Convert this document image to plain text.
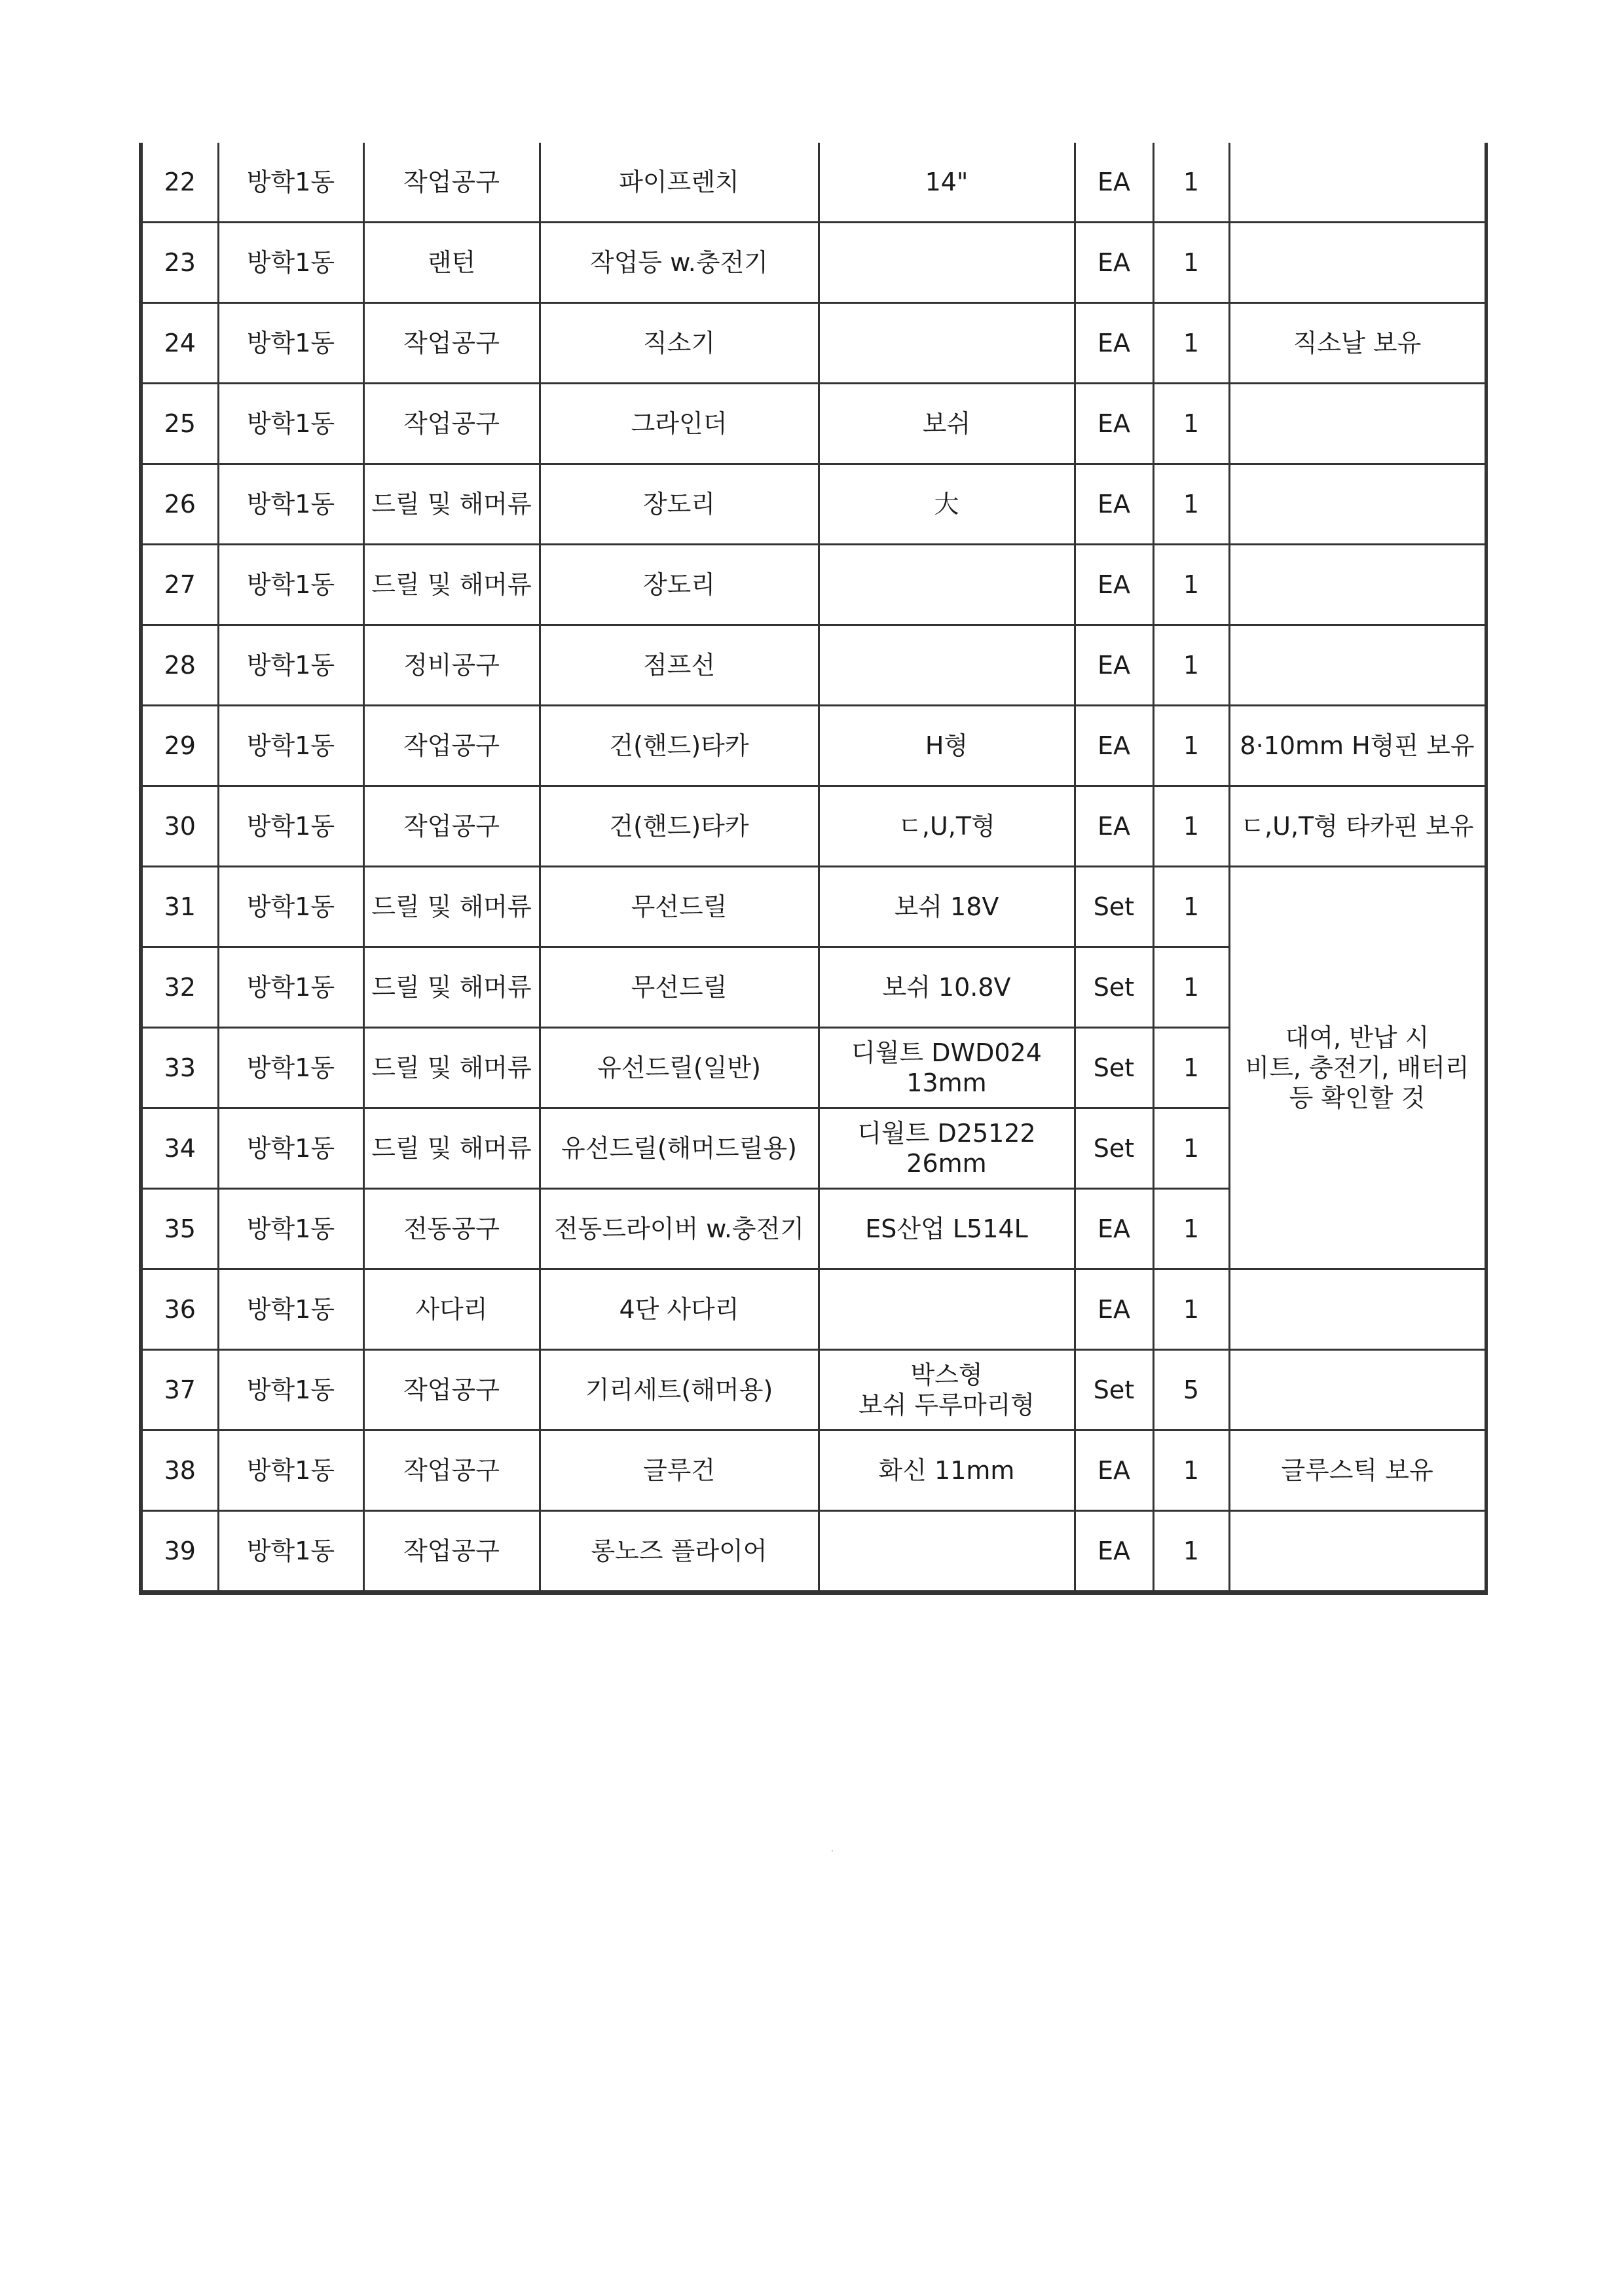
22	방학1동	작업공구	파이프렌치	14"	EA	1	
23	방학1동	랜턴	작업등 w.충전기		EA	1	
24	방학1동	작업공구	직소기		EA	1	직소날 보유
25	방학1동	작업공구	그라인더	보쉬	EA	1	
26	방학1동	드릴 및 해머류	장도리	大	EA	1	
27	방학1동	드릴 및 해머류	장도리		EA	1	
28	방학1동	정비공구	점프선		EA	1	
29	방학1동	작업공구	건(핸드)타카	H형	EA	1	8·10mm H형핀 보유
30	방학1동	작업공구	건(핸드)타카	ㄷ,U,T형	EA	1	ㄷ,U,T형 타카핀 보유
31	방학1동	드릴 및 해머류	무선드릴	보쉬 18V	Set	1	대여, 반납 시
비트, 충전기, 배터리
등 확인할 것

32	방학1동	드릴 및 해머류	무선드릴	보쉬 10.8V	Set	1	
33	방학1동	드릴 및 해머류	유선드릴(일반)	디월트 DWD024
13mm	Set	1	
34	방학1동	드릴 및 해머류	유선드릴(해머드릴용)	디월트 D25122
26mm	Set	1	
35	방학1동	전동공구	전동드라이버 w.충전기	ES산업 L514L	EA	1	
36	방학1동	사다리	4단 사다리		EA	1	
37	방학1동	작업공구	기리세트(해머용)	박스형
보쉬 두루마리형	Set	5	
38	방학1동	작업공구	글루건	화신 11mm	EA	1	글루스틱 보유
39	방학1동	작업공구	롱노즈 플라이어		EA	1	
